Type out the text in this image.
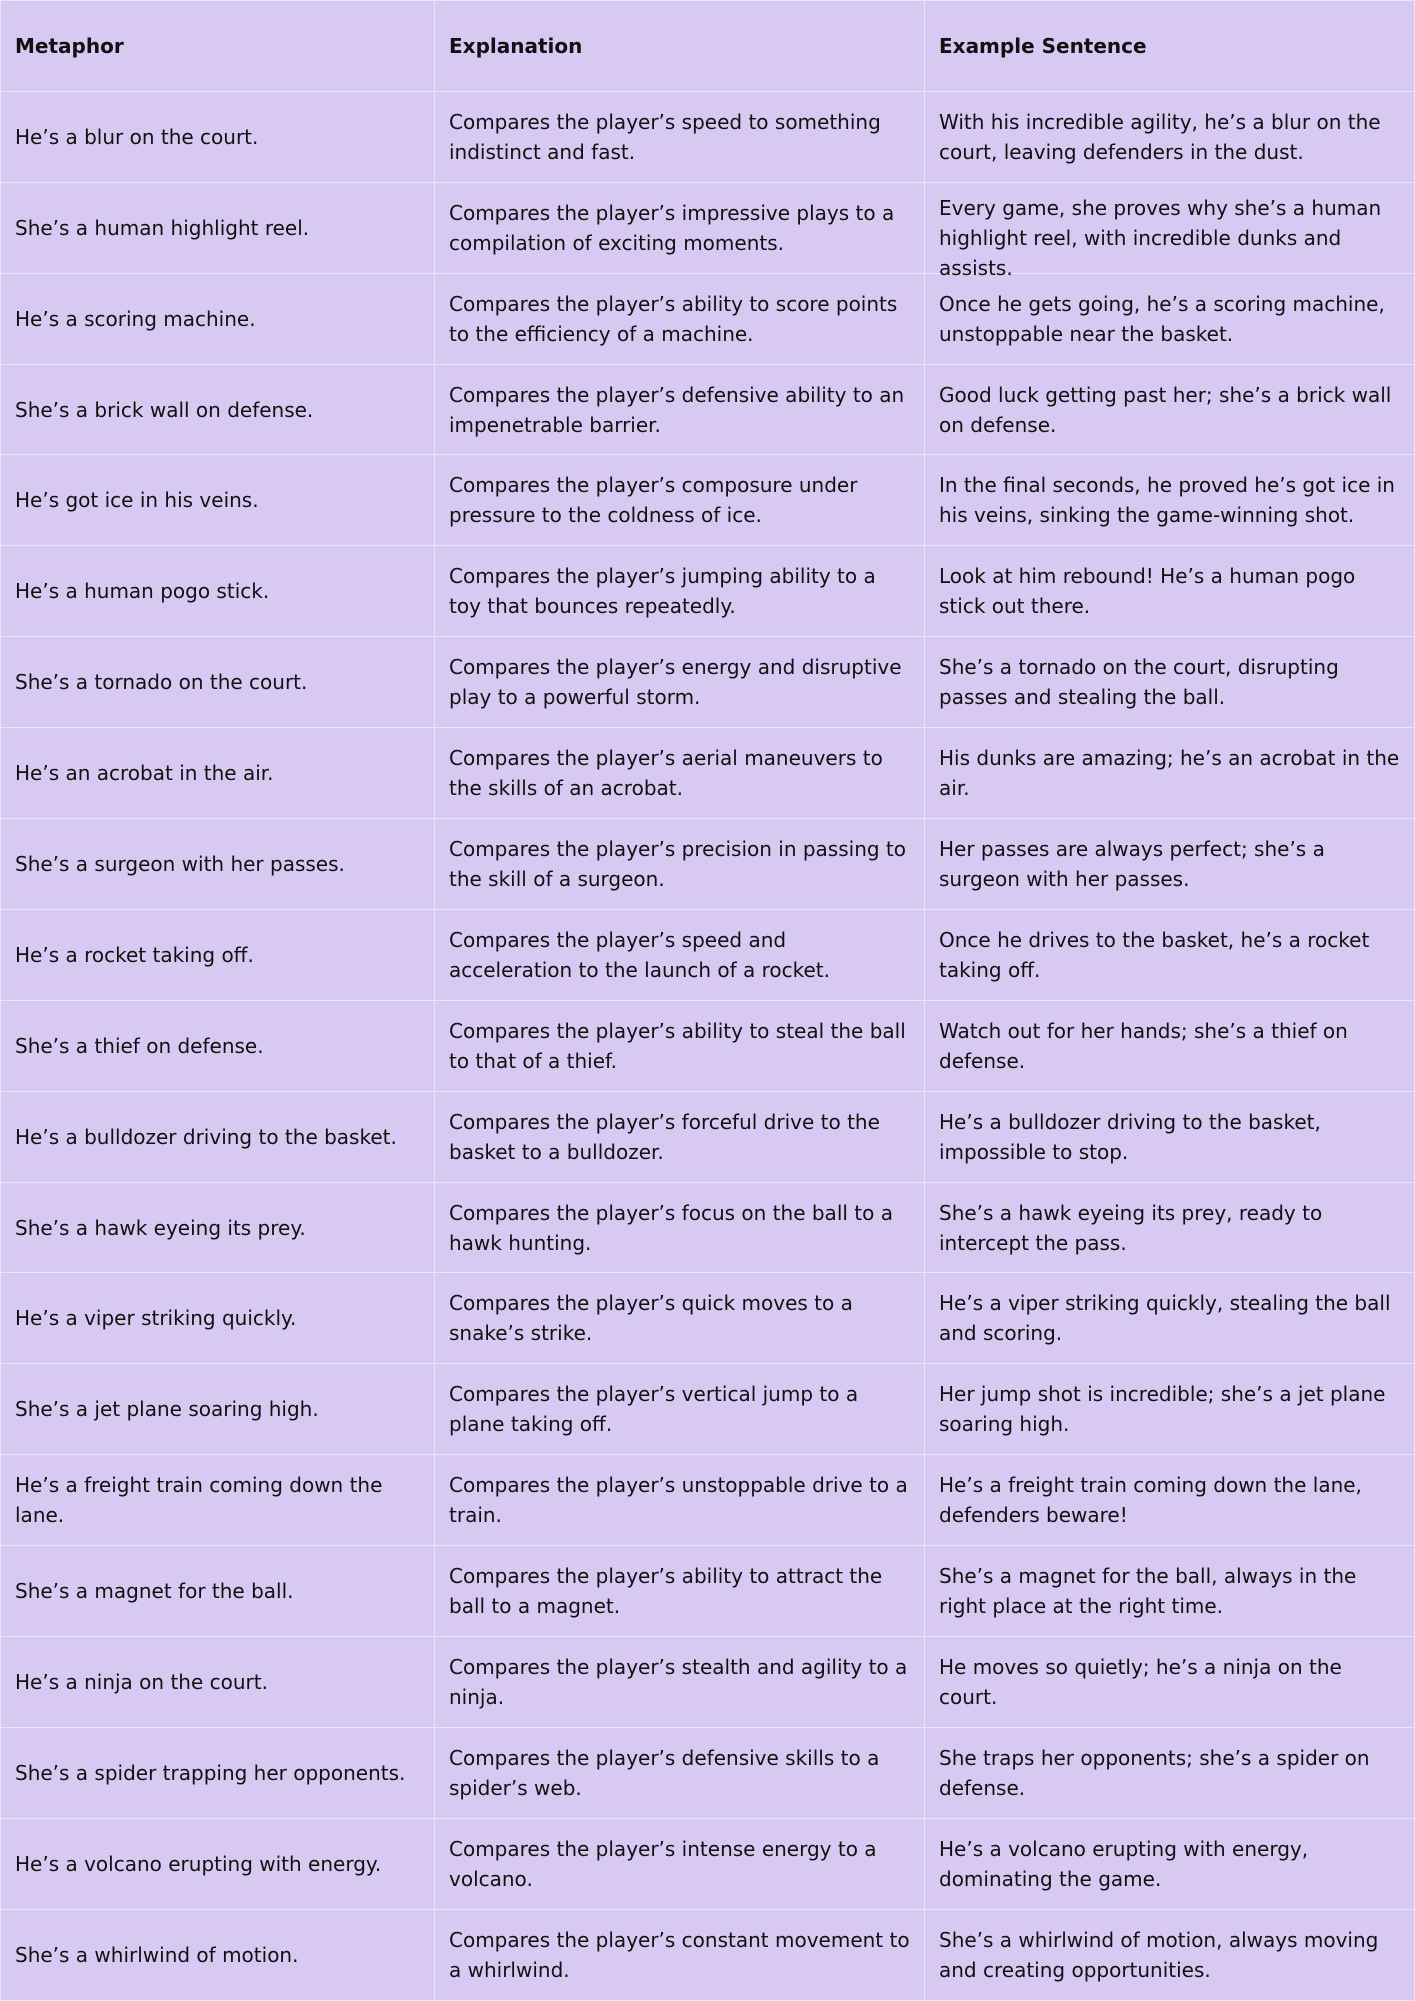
Metaphor	Explanation	Example Sentence

He’s a blur on the court.	Compares the player’s speed to something indistinct and fast.	With his incredible agility, he’s a blur on the court, leaving defenders in the dust.

She’s a human highlight reel.	Compares the player’s impressive plays to a compilation of exciting moments.	Every game, she proves why she’s a human highlight reel, with incredible dunks and assists.

He’s a scoring machine.	Compares the player’s ability to score points to the efficiency of a machine.	Once he gets going, he’s a scoring machine, unstoppable near the basket.

She’s a brick wall on defense.	Compares the player’s defensive ability to an impenetrable barrier.	Good luck getting past her; she’s a brick wall on defense.

He’s got ice in his veins.	Compares the player’s composure under pressure to the coldness of ice.	In the final seconds, he proved he’s got ice in his veins, sinking the game-winning shot.

He’s a human pogo stick.	Compares the player’s jumping ability to a toy that bounces repeatedly.	Look at him rebound! He’s a human pogo stick out there.

She’s a tornado on the court.	Compares the player’s energy and disruptive play to a powerful storm.	She’s a tornado on the court, disrupting passes and stealing the ball.

He’s an acrobat in the air.	Compares the player’s aerial maneuvers to the skills of an acrobat.	His dunks are amazing; he’s an acrobat in the air.

She’s a surgeon with her passes.	Compares the player’s precision in passing to the skill of a surgeon.	Her passes are always perfect; she’s a surgeon with her passes.

He’s a rocket taking off.	Compares the player’s speed and acceleration to the launch of a rocket.	Once he drives to the basket, he’s a rocket taking off.

She’s a thief on defense.	Compares the player’s ability to steal the ball to that of a thief.	Watch out for her hands; she’s a thief on defense.

He’s a bulldozer driving to the basket.	Compares the player’s forceful drive to the basket to a bulldozer.	He’s a bulldozer driving to the basket, impossible to stop.

She’s a hawk eyeing its prey.	Compares the player’s focus on the ball to a hawk hunting.	She’s a hawk eyeing its prey, ready to intercept the pass.

He’s a viper striking quickly.	Compares the player’s quick moves to a snake’s strike.	He’s a viper striking quickly, stealing the ball and scoring.

She’s a jet plane soaring high.	Compares the player’s vertical jump to a plane taking off.	Her jump shot is incredible; she’s a jet plane soaring high.

He’s a freight train coming down the lane.	Compares the player’s unstoppable drive to a train.	He’s a freight train coming down the lane, defenders beware!

She’s a magnet for the ball.	Compares the player’s ability to attract the ball to a magnet.	She’s a magnet for the ball, always in the right place at the right time.

He’s a ninja on the court.	Compares the player’s stealth and agility to a ninja.	He moves so quietly; he’s a ninja on the court.

She’s a spider trapping her opponents.	Compares the player’s defensive skills to a spider’s web.	She traps her opponents; she’s a spider on defense.

He’s a volcano erupting with energy.	Compares the player’s intense energy to a volcano.	He’s a volcano erupting with energy, dominating the game.

She’s a whirlwind of motion.	Compares the player’s constant movement to a whirlwind.	She’s a whirlwind of motion, always moving and creating opportunities.
